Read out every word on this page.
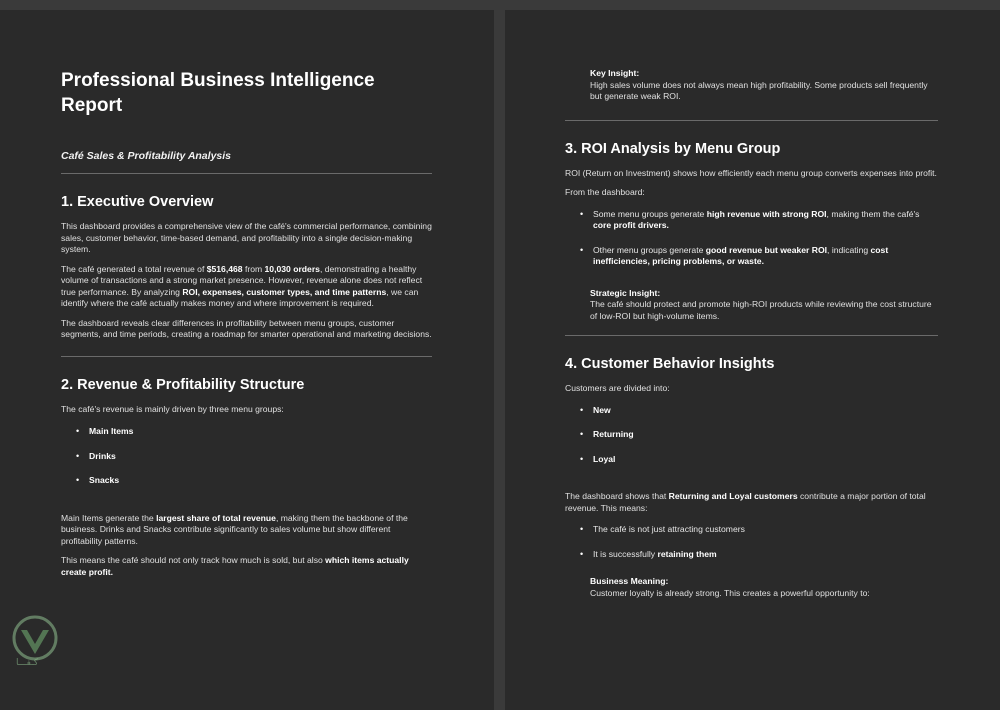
Professional Business Intelligence Report
Café Sales & Profitability Analysis
1. Executive Overview

This dashboard provides a comprehensive view of the café's commercial performance, combining sales, customer behavior, time-based demand, and profitability into a single decision-making system.

The café generated a total revenue of $516,468 from 10,030 orders, demonstrating a healthy volume of transactions and a strong market presence. However, revenue alone does not reflect true performance. By analyzing ROI, expenses, customer types, and time patterns, we can identify where the café actually makes money and where improvement is required.

The dashboard reveals clear differences in profitability between menu groups, customer segments, and time periods, creating a roadmap for smarter operational and marketing decisions.

2. Revenue & Profitability Structure

The café's revenue is mainly driven by three menu groups:

• Main Items
• Drinks
• Snacks

Main Items generate the largest share of total revenue, making them the backbone of the business. Drinks and Snacks contribute significantly to sales volume but show different profitability patterns.

This means the café should not only track how much is sold, but also which items actually create profit.

Key Insight:
High sales volume does not always mean high profitability. Some products sell frequently but generate weak ROI.
3. ROI Analysis by Menu Group

ROI (Return on Investment) shows how efficiently each menu group converts expenses into profit.

From the dashboard:

• Some menu groups generate high revenue with strong ROI, making them the café's core profit drivers.
• Other menu groups generate good revenue but weaker ROI, indicating cost inefficiencies, pricing problems, or waste.
Strategic Insight:
The café should protect and promote high-ROI products while reviewing the cost structure of low-ROI but high-volume items.
4. Customer Behavior Insights

Customers are divided into:

• New
• Returning
• Loyal

The dashboard shows that Returning and Loyal customers contribute a major portion of total revenue. This means:

• The café is not just attracting customers
• It is successfully retaining them
Business Meaning:
Customer loyalty is already strong. This creates a powerful opportunity to:
كـفـــا
